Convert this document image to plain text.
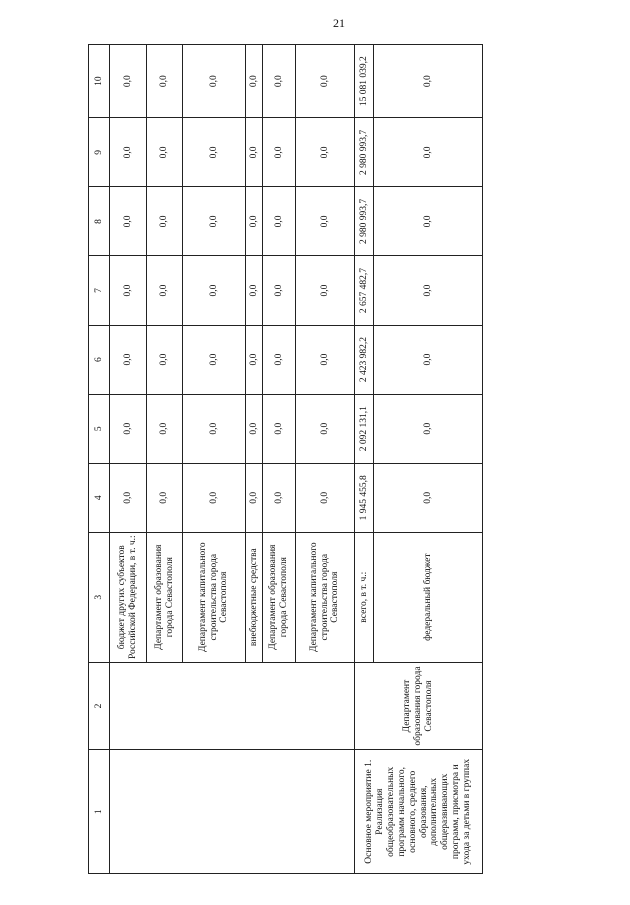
21
1	2	3	4	5	6	7	8	9	10
		бюджет других субъектов Российской Федерации, в т. ч.:	0,0	0,0	0,0	0,0	0,0	0,0	0,0
		Департамент образования города Севастополя	0,0	0,0	0,0	0,0	0,0	0,0	0,0
		Департамент капитального строительства города Севастополя	0,0	0,0	0,0	0,0	0,0	0,0	0,0
		внебюджетные средства	0,0	0,0	0,0	0,0	0,0	0,0	0,0
		Департамент образования города Севастополя	0,0	0,0	0,0	0,0	0,0	0,0	0,0
		Департамент капитального строительства города Севастополя	0,0	0,0	0,0	0,0	0,0	0,0	0,0
Основное мероприятие 1. Реализация общеобразовательных программ начального, основного, среднего образования, дополнительных общеразвивающих программ, присмотра и ухода за детьми в группах	Департамент образования города Севастополя	всего, в т. ч.:	1 945 455,8	2 092 131,1	2 423 982,2	2 657 482,7	2 980 993,7	2 980 993,7	15 081 039,2
		федеральный бюджет	0,0	0,0	0,0	0,0	0,0	0,0	0,0
